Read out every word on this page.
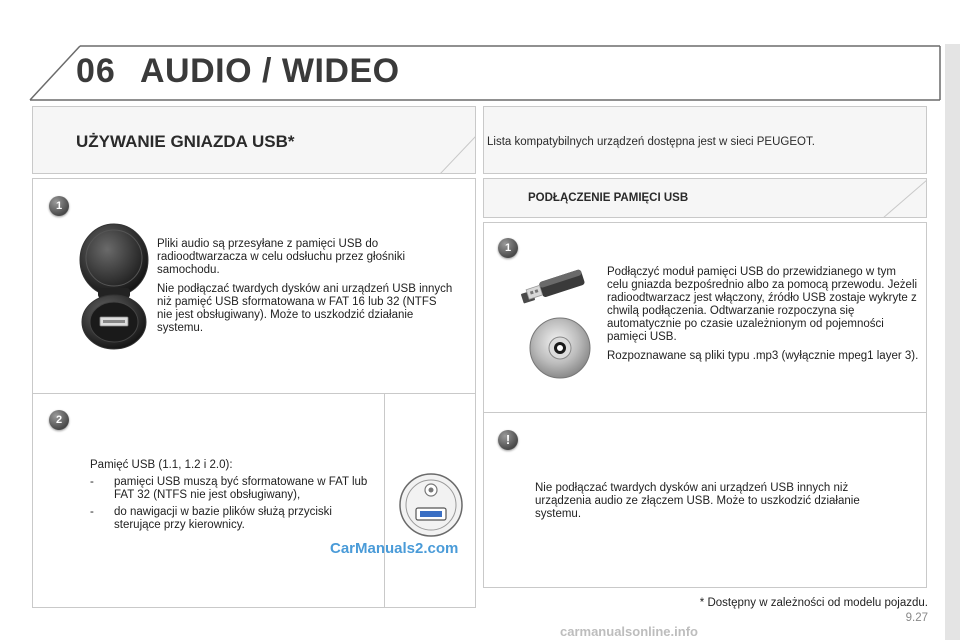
06 AUDIO / WIDEO
UŻYWANIE GNIAZDA USB*	Lista kompatybilnych urządzeń dostępna jest w sieci PEUGEOT.
1

Pliki audio są przesyłane z pamięci USB do radioodtwarzacza w celu odsłuchu przez głośniki samochodu.

Nie podłączać twardych dysków ani urządzeń USB innych niż pamięć USB sformatowana w FAT 16 lub 32 (NTFS nie jest obsługiwany). Może to uszkodzić działanie systemu.

2
Pamięć USB (1.1, 1.2 i 2.0):
-	pamięci USB muszą być sformatowane w FAT lub FAT 32 (NTFS nie jest obsługiwany),
-	do nawigacji w bazie plików służą przyciski sterujące przy kierownicy.
PODŁĄCZENIE PAMIĘCI USB
1

Podłączyć moduł pamięci USB do przewidzianego w tym celu gniazda bezpośrednio albo za pomocą przewodu. Jeżeli radioodtwarzacz jest włączony, źródło USB zostaje wykryte z chwilą podłączenia. Odtwarzanie rozpoczyna się automatycznie po czasie uzależnionym od pojemności pamięci USB.

Rozpoznawane są pliki typu .mp3 (wyłącznie mpeg1 layer 3).

!
Nie podłączać twardych dysków ani urządzeń USB innych niż urządzenia audio ze złączem USB. Może to uszkodzić działanie systemu.
CarManuals2.com
* Dostępny w zależności od modelu pojazdu.
9.27
carmanualsonline.info
